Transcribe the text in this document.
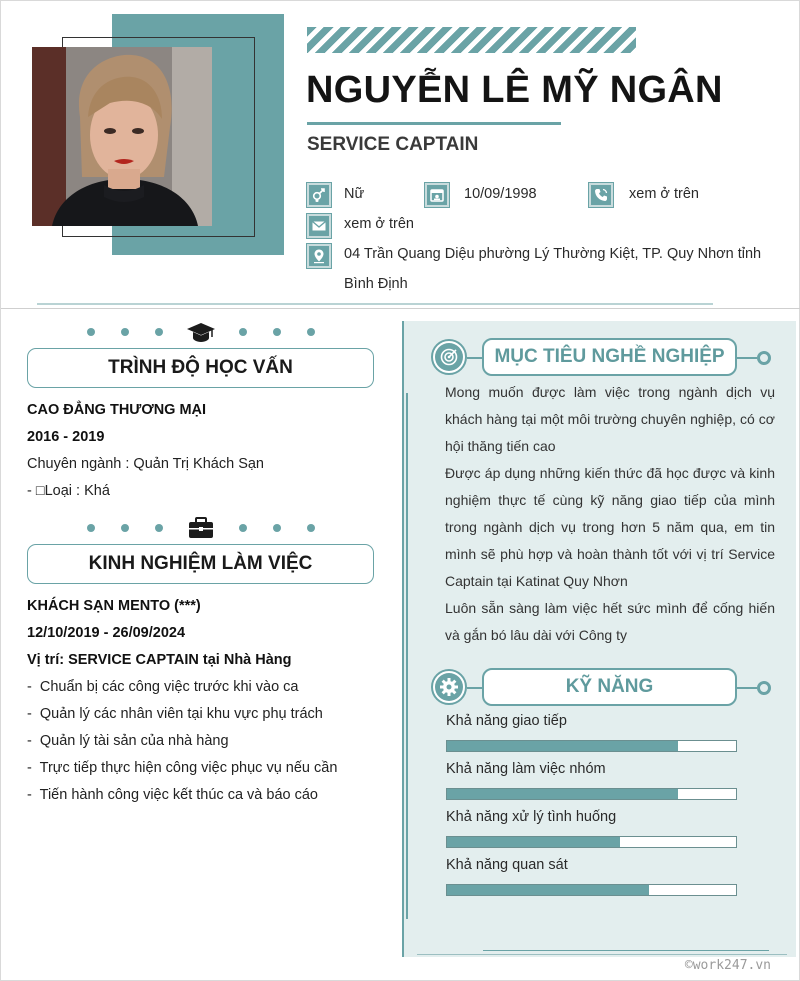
NGUYỄN LÊ MỸ NGÂN
SERVICE CAPTAIN
Nữ	10/09/1998	xem ở trên
xem ở trên
04 Trần Quang Diệu phường Lý Thường Kiệt, TP. Quy Nhơn tỉnh
Bình Định
TRÌNH ĐỘ HỌC VẤN
CAO ĐẲNG THƯƠNG MẠI
2016 - 2019
Chuyên ngành : Quản Trị Khách Sạn
- □Loại : Khá
KINH NGHIỆM LÀM VIỆC
KHÁCH SẠN MENTO (***)
12/10/2019 - 26/09/2024
Vị trí: SERVICE CAPTAIN tại Nhà Hàng
-  Chuẩn bị các công việc trước khi vào ca
-  Quản lý các nhân viên tại khu vực phụ trách
-  Quản lý tài sản của nhà hàng
-  Trực tiếp thực hiện công việc phục vụ nếu cần
-  Tiến hành công việc kết thúc ca và báo cáo
MỤC TIÊU NGHỀ NGHIỆP

Mong muốn được làm việc trong ngành dịch vụ khách hàng tại một môi trường chuyên nghiệp, có cơ hội thăng tiến cao

Được áp dụng những kiến thức đã học được và kinh nghiệm thực tế cùng kỹ năng giao tiếp của mình trong ngành dịch vụ trong hơn 5 năm qua, em tin mình sẽ phù hợp và hoàn thành tốt với vị trí Service Captain tại Katinat Quy Nhơn

Luôn sẵn sàng làm việc hết sức mình để cống hiến và gắn bó lâu dài với Công ty

KỸ NĂNG
Khả năng giao tiếp
Khả năng làm việc nhóm
Khả năng xử lý tình huống
Khả năng quan sát
©work247.vn
